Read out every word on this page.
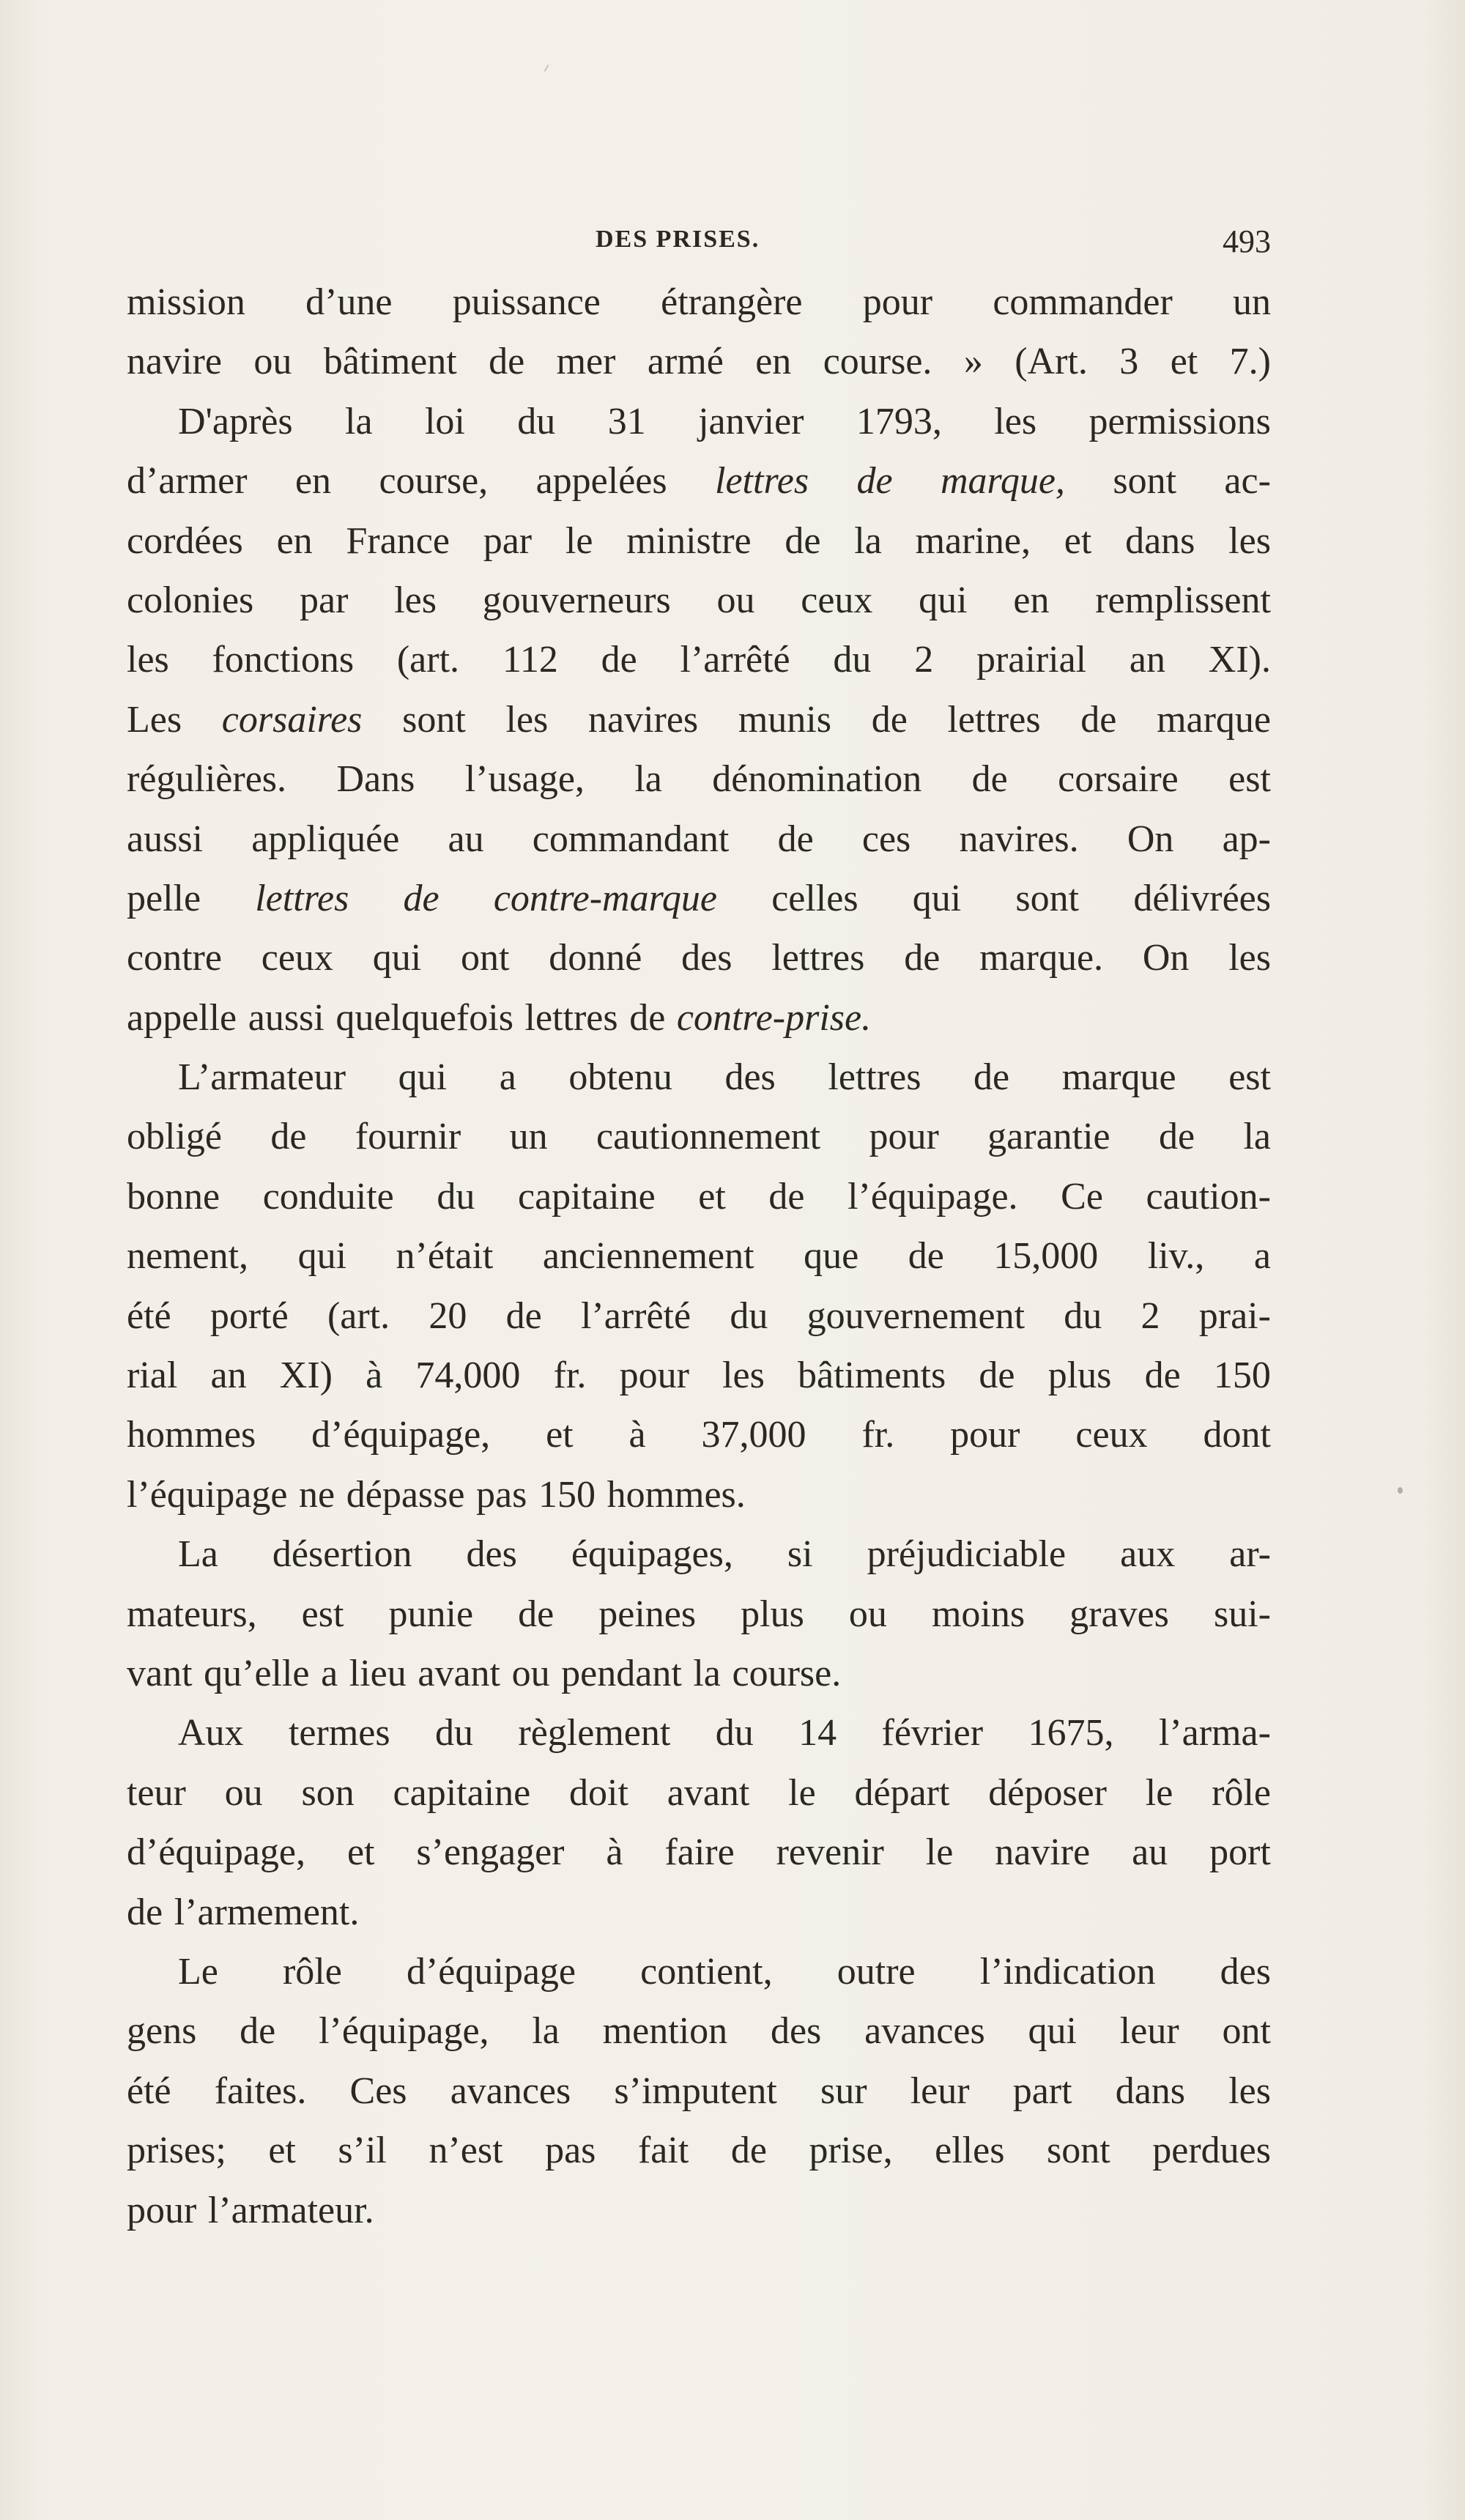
DES PRISES.	493
mission d’une puissance étrangère pour commander un
navire ou bâtiment de mer armé en course. » (Art. 3 et 7.)
D'après la loi du 31 janvier 1793, les permissions
d’armer en course, appelées lettres de marque, sont ac-
cordées en France par le ministre de la marine, et dans les
colonies par les gouverneurs ou ceux qui en remplissent
les fonctions (art. 112 de l’arrêté du 2 prairial an XI).
Les corsaires sont les navires munis de lettres de marque
régulières. Dans l’usage, la dénomination de corsaire est
aussi appliquée au commandant de ces navires. On ap-
pelle lettres de contre-marque celles qui sont délivrées
contre ceux qui ont donné des lettres de marque. On les
appelle aussi quelquefois lettres de contre-prise.
L’armateur qui a obtenu des lettres de marque est
obligé de fournir un cautionnement pour garantie de la
bonne conduite du capitaine et de l’équipage. Ce caution-
nement, qui n’était anciennement que de 15,000 liv., a
été porté (art. 20 de l’arrêté du gouvernement du 2 prai-
rial an XI) à 74,000 fr. pour les bâtiments de plus de 150
hommes d’équipage, et à 37,000 fr. pour ceux dont
l’équipage ne dépasse pas 150 hommes.
La désertion des équipages, si préjudiciable aux ar-
mateurs, est punie de peines plus ou moins graves sui-
vant qu’elle a lieu avant ou pendant la course.
Aux termes du règlement du 14 février 1675, l’arma-
teur ou son capitaine doit avant le départ déposer le rôle
d’équipage, et s’engager à faire revenir le navire au port
de l’armement.
Le rôle d’équipage contient, outre l’indication des
gens de l’équipage, la mention des avances qui leur ont
été faites. Ces avances s’imputent sur leur part dans les
prises; et s’il n’est pas fait de prise, elles sont perdues
pour l’armateur.
